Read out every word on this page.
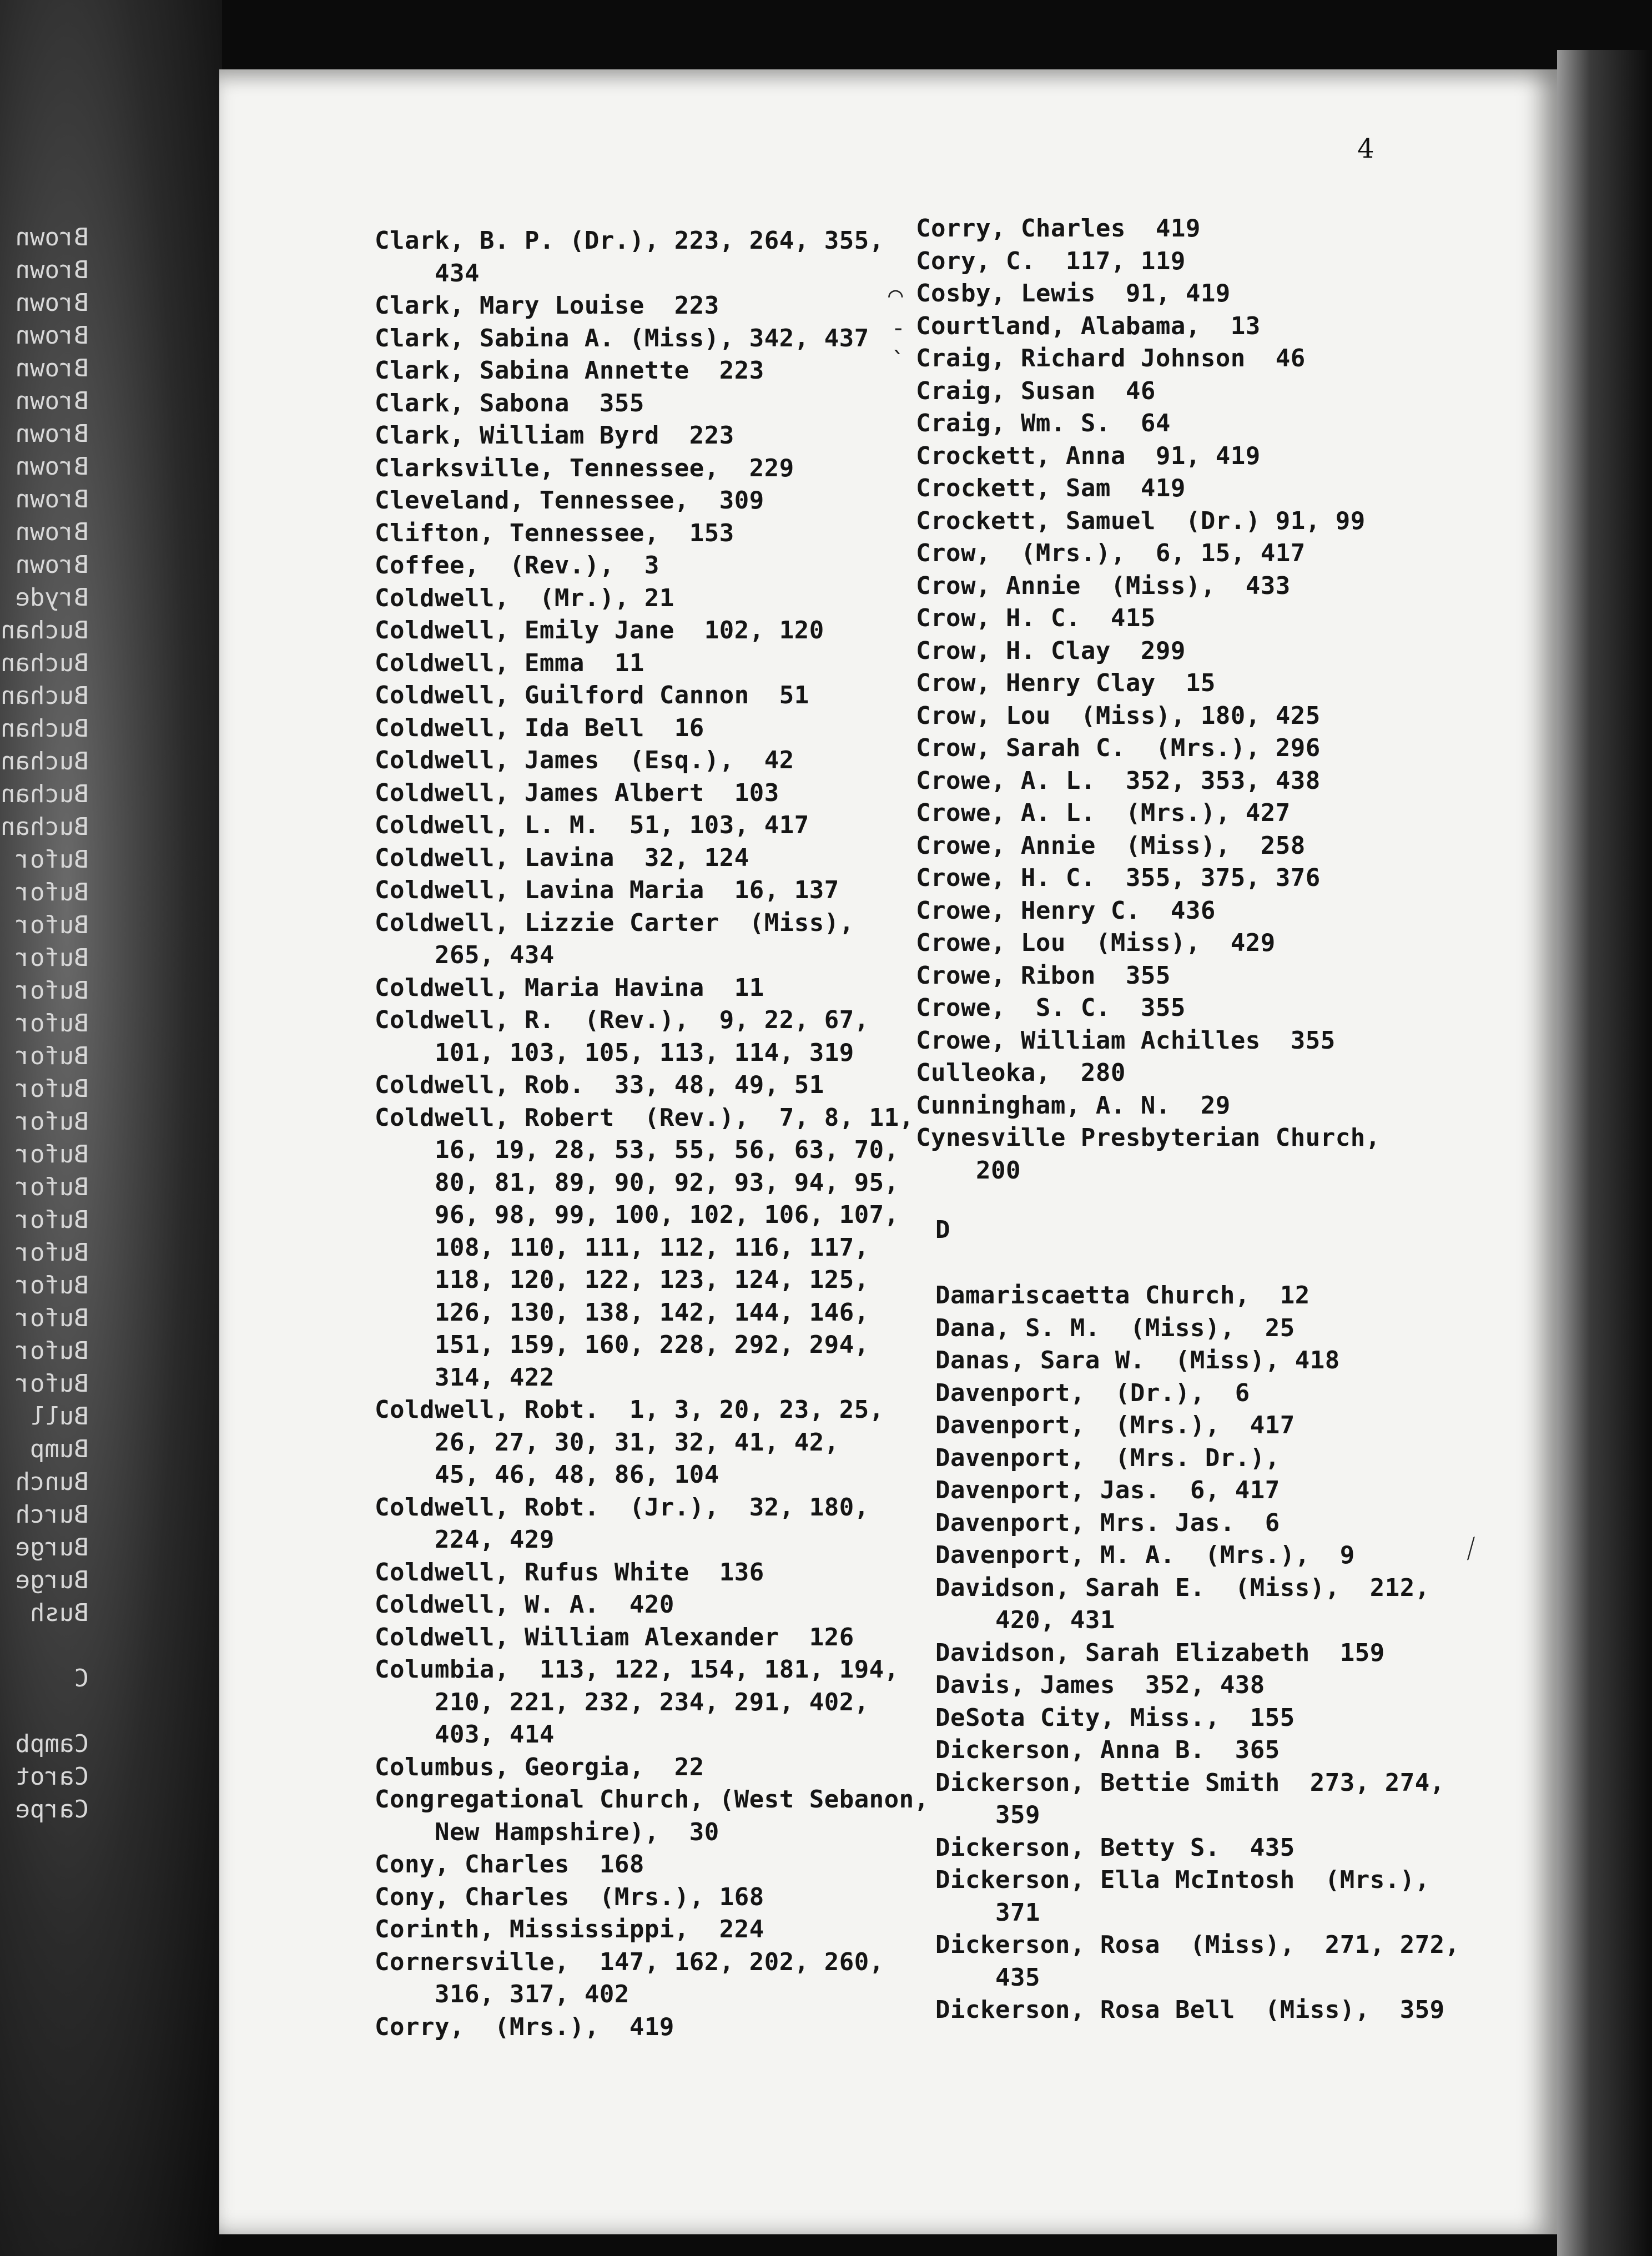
Brown
Brown
Brown
Brown
Brown
Brown
Brown
Brown
Brown
Brown
Brown
Bryde
Buchan
Buchan
Buchan
Buchan
Buchan
Buchan
Buchan
Bufor
Bufor
Bufor
Bufor
Bufor
Bufor
Bufor
Bufor
Bufor
Bufor
Bufor
Bufor
Bufor
Bufor
Bufor
Bufor
Bufor
Bull
Bump
Bunch
Burch
Burge
Burge
Bush
C
Campb
Carot
Carpe
4
Clark, B. P. (Dr.), 223, 264, 355,
434
Clark, Mary Louise  223
Clark, Sabina A. (Miss), 342, 437
Clark, Sabina Annette  223
Clark, Sabona  355
Clark, William Byrd  223
Clarksville, Tennessee,  229
Cleveland, Tennessee,  309
Clifton, Tennessee,  153
Coffee,  (Rev.),  3
Coldwell,  (Mr.), 21
Coldwell, Emily Jane  102, 120
Coldwell, Emma  11
Coldwell, Guilford Cannon  51
Coldwell, Ida Bell  16
Coldwell, James  (Esq.),  42
Coldwell, James Albert  103
Coldwell, L. M.  51, 103, 417
Coldwell, Lavina  32, 124
Coldwell, Lavina Maria  16, 137
Coldwell, Lizzie Carter  (Miss),
265, 434
Coldwell, Maria Havina  11
Coldwell, R.  (Rev.),  9, 22, 67,
101, 103, 105, 113, 114, 319
Coldwell, Rob.  33, 48, 49, 51
Coldwell, Robert  (Rev.),  7, 8, 11,
16, 19, 28, 53, 55, 56, 63, 70,
80, 81, 89, 90, 92, 93, 94, 95,
96, 98, 99, 100, 102, 106, 107,
108, 110, 111, 112, 116, 117,
118, 120, 122, 123, 124, 125,
126, 130, 138, 142, 144, 146,
151, 159, 160, 228, 292, 294,
314, 422
Coldwell, Robt.  1, 3, 20, 23, 25,
26, 27, 30, 31, 32, 41, 42,
45, 46, 48, 86, 104
Coldwell, Robt.  (Jr.),  32, 180,
224, 429
Coldwell, Rufus White  136
Coldwell, W. A.  420
Coldwell, William Alexander  126
Columbia,  113, 122, 154, 181, 194,
210, 221, 232, 234, 291, 402,
403, 414
Columbus, Georgia,  22
Congregational Church, (West Sebanon,
New Hampshire),  30
Cony, Charles  168
Cony, Charles  (Mrs.), 168
Corinth, Mississippi,  224
Cornersville,  147, 162, 202, 260,
316, 317, 402
Corry,  (Mrs.),  419
Corry, Charles  419
Cory, C.  117, 119
Cosby, Lewis  91, 419
Courtland, Alabama,  13
Craig, Richard Johnson  46
Craig, Susan  46
Craig, Wm. S.  64
Crockett, Anna  91, 419
Crockett, Sam  419
Crockett, Samuel  (Dr.) 91, 99
Crow,  (Mrs.),  6, 15, 417
Crow, Annie  (Miss),  433
Crow, H. C.  415
Crow, H. Clay  299
Crow, Henry Clay  15
Crow, Lou  (Miss), 180, 425
Crow, Sarah C.  (Mrs.), 296
Crowe, A. L.  352, 353, 438
Crowe, A. L.  (Mrs.), 427
Crowe, Annie  (Miss),  258
Crowe, H. C.  355, 375, 376
Crowe, Henry C.  436
Crowe, Lou  (Miss),  429
Crowe, Ribon  355
Crowe,  S. C.  355
Crowe, William Achilles  355
Culleoka,  280
Cunningham, A. N.  29
Cynesville Presbyterian Church,
200
D
Damariscaetta Church,  12
Dana, S. M.  (Miss),  25
Danas, Sara W.  (Miss), 418
Davenport,  (Dr.),  6
Davenport,  (Mrs.),  417
Davenport,  (Mrs. Dr.),
Davenport, Jas.  6, 417
Davenport, Mrs. Jas.  6
Davenport, M. A.  (Mrs.),  9
Davidson, Sarah E.  (Miss),  212,
420, 431
Davidson, Sarah Elizabeth  159
Davis, James  352, 438
DeSota City, Miss.,  155
Dickerson, Anna B.  365
Dickerson, Bettie Smith  273, 274,
359
Dickerson, Betty S.  435
Dickerson, Ella McIntosh  (Mrs.),
371
Dickerson, Rosa  (Miss),  271, 272,
435
Dickerson, Rosa Bell  (Miss),  359
⌒
-
`
⟋
